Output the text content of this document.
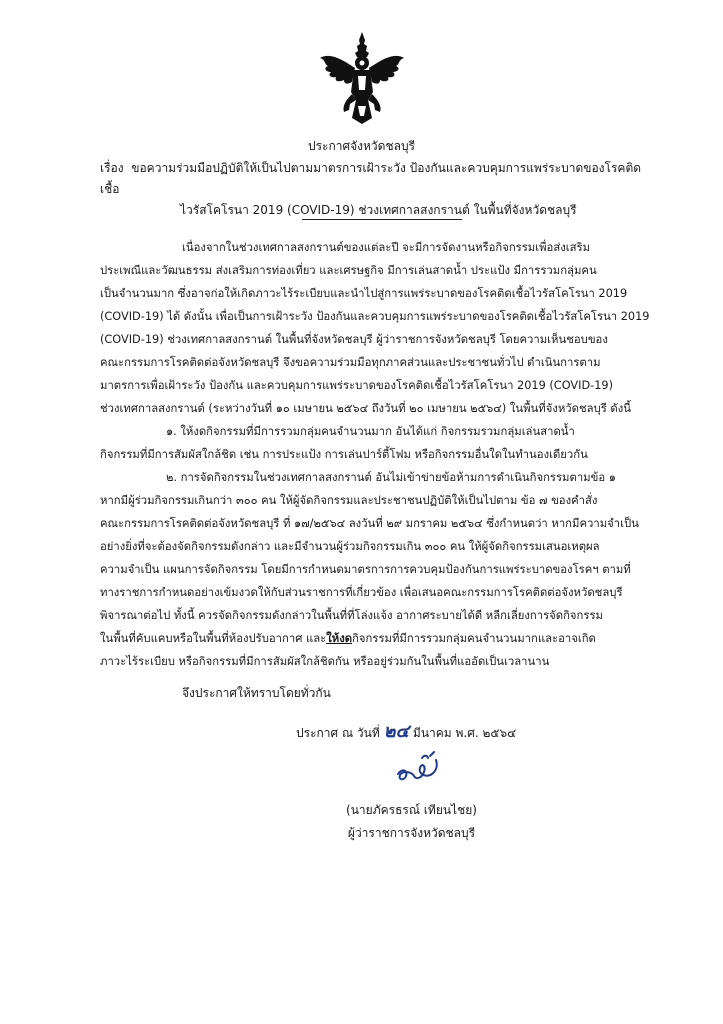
ประกาศจังหวัดชลบุรี
เรื่อง ขอความร่วมมือปฏิบัติให้เป็นไปตามมาตรการเฝ้าระวัง ป้องกันและควบคุมการแพร่ระบาดของโรคติดเชื้อ
ไวรัสโคโรนา 2019 (COVID-19) ช่วงเทศกาลสงกรานต์ ในพื้นที่จังหวัดชลบุรี
เนื่องจากในช่วงเทศกาลสงกรานต์ของแต่ละปี จะมีการจัดงานหรือกิจกรรมเพื่อส่งเสริม
ประเพณีและวัฒนธรรม ส่งเสริมการท่องเที่ยว และเศรษฐกิจ มีการเล่นสาดน้ำ ประแป้ง มีการรวมกลุ่มคน
เป็นจำนวนมาก ซึ่งอาจก่อให้เกิดภาวะไร้ระเบียบและนำไปสู่การแพร่ระบาดของโรคติดเชื้อไวรัสโคโรนา 2019
(COVID-19) ได้ ดังนั้น เพื่อเป็นการเฝ้าระวัง ป้องกันและควบคุมการแพร่ระบาดของโรคติดเชื้อไวรัสโคโรนา 2019
(COVID-19) ช่วงเทศกาลสงกรานต์ ในพื้นที่จังหวัดชลบุรี ผู้ว่าราชการจังหวัดชลบุรี โดยความเห็นชอบของ
คณะกรรมการโรคติดต่อจังหวัดชลบุรี จึงขอความร่วมมือทุกภาคส่วนและประชาชนทั่วไป ดำเนินการตาม
มาตรการเพื่อเฝ้าระวัง ป้องกัน และควบคุมการแพร่ระบาดของโรคติดเชื้อไวรัสโคโรนา 2019 (COVID-19)
ช่วงเทศกาลสงกรานต์ (ระหว่างวันที่ ๑๐ เมษายน ๒๕๖๔ ถึงวันที่ ๒๐ เมษายน ๒๕๖๔) ในพื้นที่จังหวัดชลบุรี ดังนี้
๑. ให้งดกิจกรรมที่มีการรวมกลุ่มคนจำนวนมาก อันได้แก่ กิจกรรมรวมกลุ่มเล่นสาดน้ำ
กิจกรรมที่มีการสัมผัสใกล้ชิด เช่น การประแป้ง การเล่นปาร์ตี้โฟม หรือกิจกรรมอื่นใดในทำนองเดียวกัน
๒. การจัดกิจกรรมในช่วงเทศกาลสงกรานต์ อันไม่เข้าข่ายข้อห้ามการดำเนินกิจกรรมตามข้อ ๑
หากมีผู้ร่วมกิจกรรมเกินกว่า ๓๐๐ คน ให้ผู้จัดกิจกรรมและประชาชนปฏิบัติให้เป็นไปตาม ข้อ ๗ ของคำสั่ง
คณะกรรมการโรคติดต่อจังหวัดชลบุรี ที่ ๑๗/๒๕๖๔ ลงวันที่ ๒๙ มกราคม ๒๕๖๔ ซึ่งกำหนดว่า หากมีความจำเป็น
อย่างยิ่งที่จะต้องจัดกิจกรรมดังกล่าว และมีจำนวนผู้ร่วมกิจกรรมเกิน ๓๐๐ คน ให้ผู้จัดกิจกรรมเสนอเหตุผล
ความจำเป็น แผนการจัดกิจกรรม โดยมีการกำหนดมาตรการการควบคุมป้องกันการแพร่ระบาดของโรคฯ ตามที่
ทางราชการกำหนดอย่างเข้มงวดให้กับส่วนราชการที่เกี่ยวข้อง เพื่อเสนอคณะกรรมการโรคติดต่อจังหวัดชลบุรี
พิจารณาต่อไป ทั้งนี้ ควรจัดกิจกรรมดังกล่าวในพื้นที่ที่โล่งแจ้ง อากาศระบายได้ดี หลีกเลี่ยงการจัดกิจกรรม
ในพื้นที่คับแคบหรือในพื้นที่ห้องปรับอากาศ และให้งดกิจกรรมที่มีการรวมกลุ่มคนจำนวนมากและอาจเกิด
ภาวะไร้ระเบียบ หรือกิจกรรมที่มีการสัมผัสใกล้ชิดกัน หรืออยู่ร่วมกันในพื้นที่แออัดเป็นเวลานาน
จึงประกาศให้ทราบโดยทั่วกัน
ประกาศ ณ วันที่ ๒๔ มีนาคม พ.ศ. ๒๕๖๔
(นายภัครธรณ์ เทียนไชย)
ผู้ว่าราชการจังหวัดชลบุรี
